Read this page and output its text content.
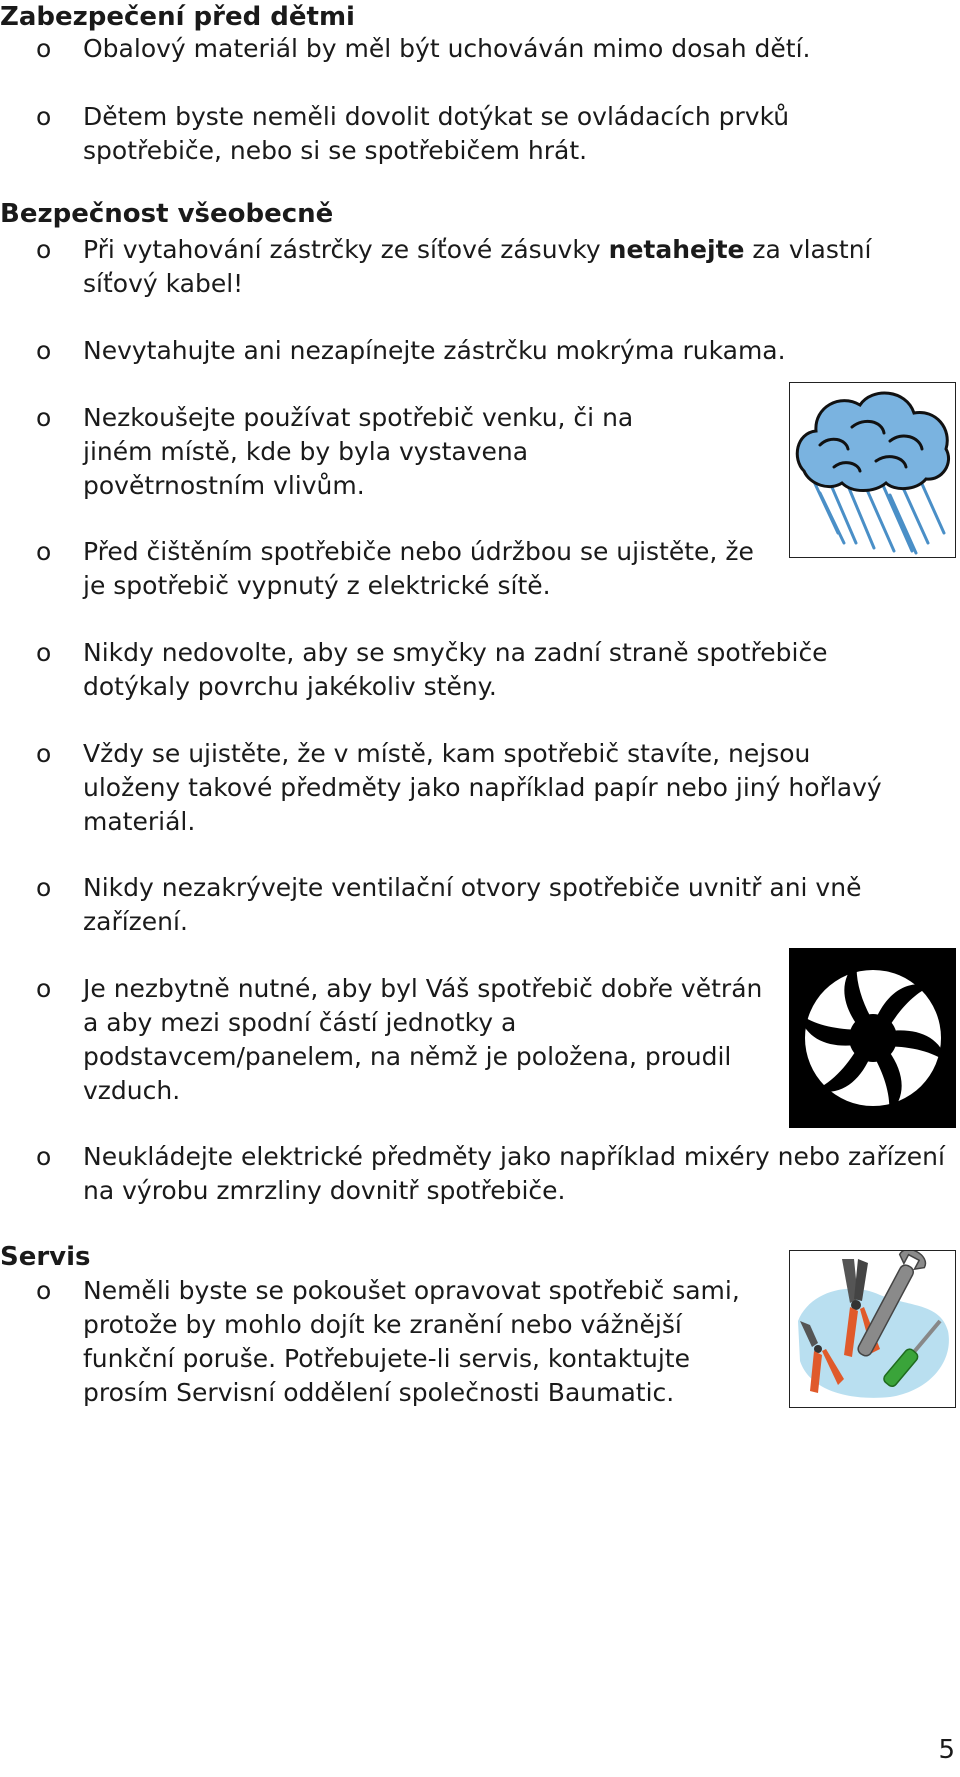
Zabezpečení před dětmi
o Obalový materiál by měl být uchováván mimo dosah dětí.
o Dětem byste neměli dovolit dotýkat se ovládacích prvků spotřebiče, nebo si se spotřebičem hrát.
Bezpečnost všeobecně
o Při vytahování zástrčky ze síťové zásuvky netahejte za vlastní síťový kabel!
o Nevytahujte ani nezapínejte zástrčku mokrýma rukama.
o Nezkoušejte používat spotřebič venku, či na jiném místě, kde by byla vystavena povětrnostním vlivům.
o Před čištěním spotřebiče nebo údržbou se ujistěte, že je spotřebič vypnutý z elektrické sítě.
o Nikdy nedovolte, aby se smyčky na zadní straně spotřebiče dotýkaly povrchu jakékoliv stěny.
o Vždy se ujistěte, že v místě, kam spotřebič stavíte, nejsou uloženy takové předměty jako například papír nebo jiný hořlavý materiál.
o Nikdy nezakrývejte ventilační otvory spotřebiče uvnitř ani vně zařízení.
o Je nezbytně nutné, aby byl Váš spotřebič dobře větrán a aby mezi spodní částí jednotky a podstavcem/panelem, na němž je položena, proudil vzduch.
o Neukládejte elektrické předměty jako například mixéry nebo zařízení na výrobu zmrzliny dovnitř spotřebiče.
Servis
o Neměli byste se pokoušet opravovat spotřebič sami, protože by mohlo dojít ke zranění nebo vážnější funkční poruše. Potřebujete-li servis, kontaktujte prosím Servisní oddělení společnosti Baumatic.

5
